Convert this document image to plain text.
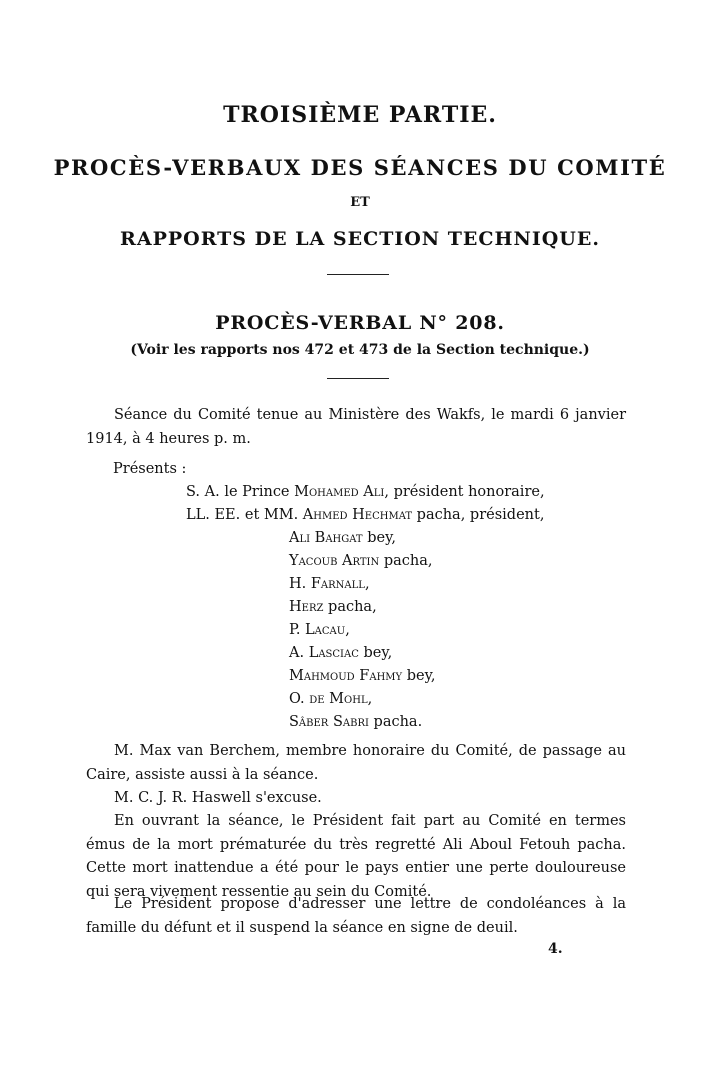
TROISIÈME PARTIE.
PROCÈS-VERBAUX DES SÉANCES DU COMITÉ
ET
RAPPORTS DE LA SECTION TECHNIQUE.
PROCÈS-VERBAL N° 208.
(Voir les rapports nos 472 et 473 de la Section technique.)
Séance du Comité tenue au Ministère des Wakfs, le mardi 6 janvier 1914, à 4 heures p. m.
Présents :
S. A. le Prince Mohamed Ali, président honoraire,
LL. EE. et MM. Ahmed Hechmat pacha, président,
Ali Bahgat bey,
Yacoub Artin pacha,
H. Farnall,
Herz pacha,
P. Lacau,
A. Lasciac bey,
Mahmoud Fahmy bey,
O. de Mohl,
Sâber Sabri pacha.
M. Max van Berchem, membre honoraire du Comité, de passage au Caire, assiste aussi à la séance.
M. C. J. R. Haswell s'excuse.
En ouvrant la séance, le Président fait part au Comité en termes émus de la mort prématurée du très regretté Ali Aboul Fetouh pacha. Cette mort inattendue a été pour le pays entier une perte douloureuse qui sera vivement ressentie au sein du Comité.
Le Président propose d'adresser une lettre de condoléances à la famille du défunt et il suspend la séance en signe de deuil.
4.
